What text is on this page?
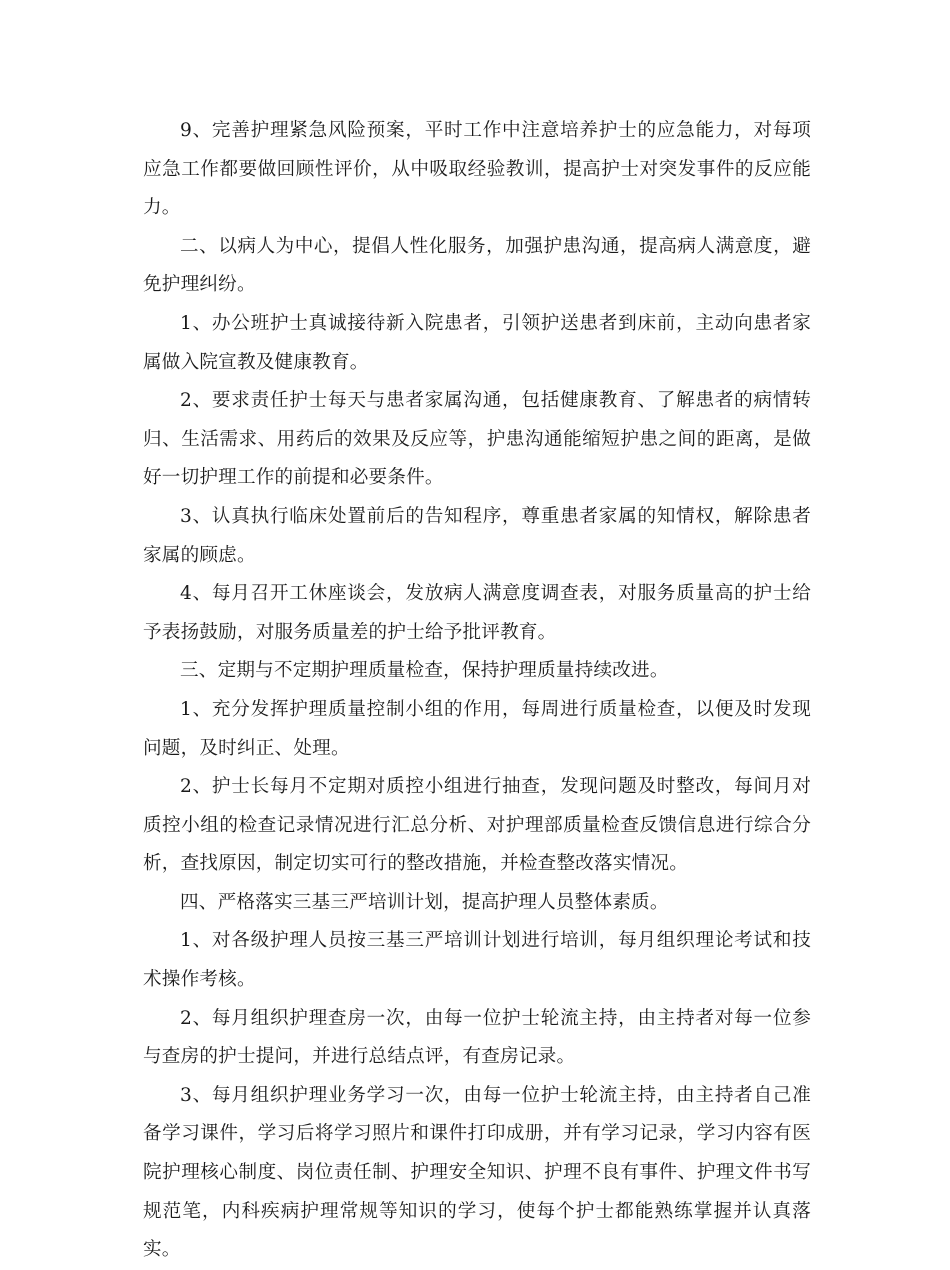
9、完善护理紧急风险预案，平时工作中注意培养护士的应急能力，对每项应急工作都要做回顾性评价，从中吸取经验教训，提高护士对突发事件的反应能力。

二、以病人为中心，提倡人性化服务，加强护患沟通，提高病人满意度，避免护理纠纷。

1、办公班护士真诚接待新入院患者，引领护送患者到床前，主动向患者家属做入院宣教及健康教育。

2、要求责任护士每天与患者家属沟通，包括健康教育、了解患者的病情转归、生活需求、用药后的效果及反应等，护患沟通能缩短护患之间的距离，是做好一切护理工作的前提和必要条件。

3、认真执行临床处置前后的告知程序，尊重患者家属的知情权，解除患者家属的顾虑。

4、每月召开工休座谈会，发放病人满意度调查表，对服务质量高的护士给予表扬鼓励，对服务质量差的护士给予批评教育。

三、定期与不定期护理质量检查，保持护理质量持续改进。

1、充分发挥护理质量控制小组的作用，每周进行质量检查，以便及时发现问题，及时纠正、处理。

2、护士长每月不定期对质控小组进行抽查，发现问题及时整改，每间月对质控小组的检查记录情况进行汇总分析、对护理部质量检查反馈信息进行综合分析，查找原因，制定切实可行的整改措施，并检查整改落实情况。

四、严格落实三基三严培训计划，提高护理人员整体素质。

1、对各级护理人员按三基三严培训计划进行培训，每月组织理论考试和技术操作考核。

2、每月组织护理查房一次，由每一位护士轮流主持，由主持者对每一位参与查房的护士提问，并进行总结点评，有查房记录。

3、每月组织护理业务学习一次，由每一位护士轮流主持，由主持者自己准备学习课件，学习后将学习照片和课件打印成册，并有学习记录，学习内容有医院护理核心制度、岗位责任制、护理安全知识、护理不良有事件、护理文件书写规范笔，内科疾病护理常规等知识的学习，使每个护士都能熟练掌握并认真落实。
